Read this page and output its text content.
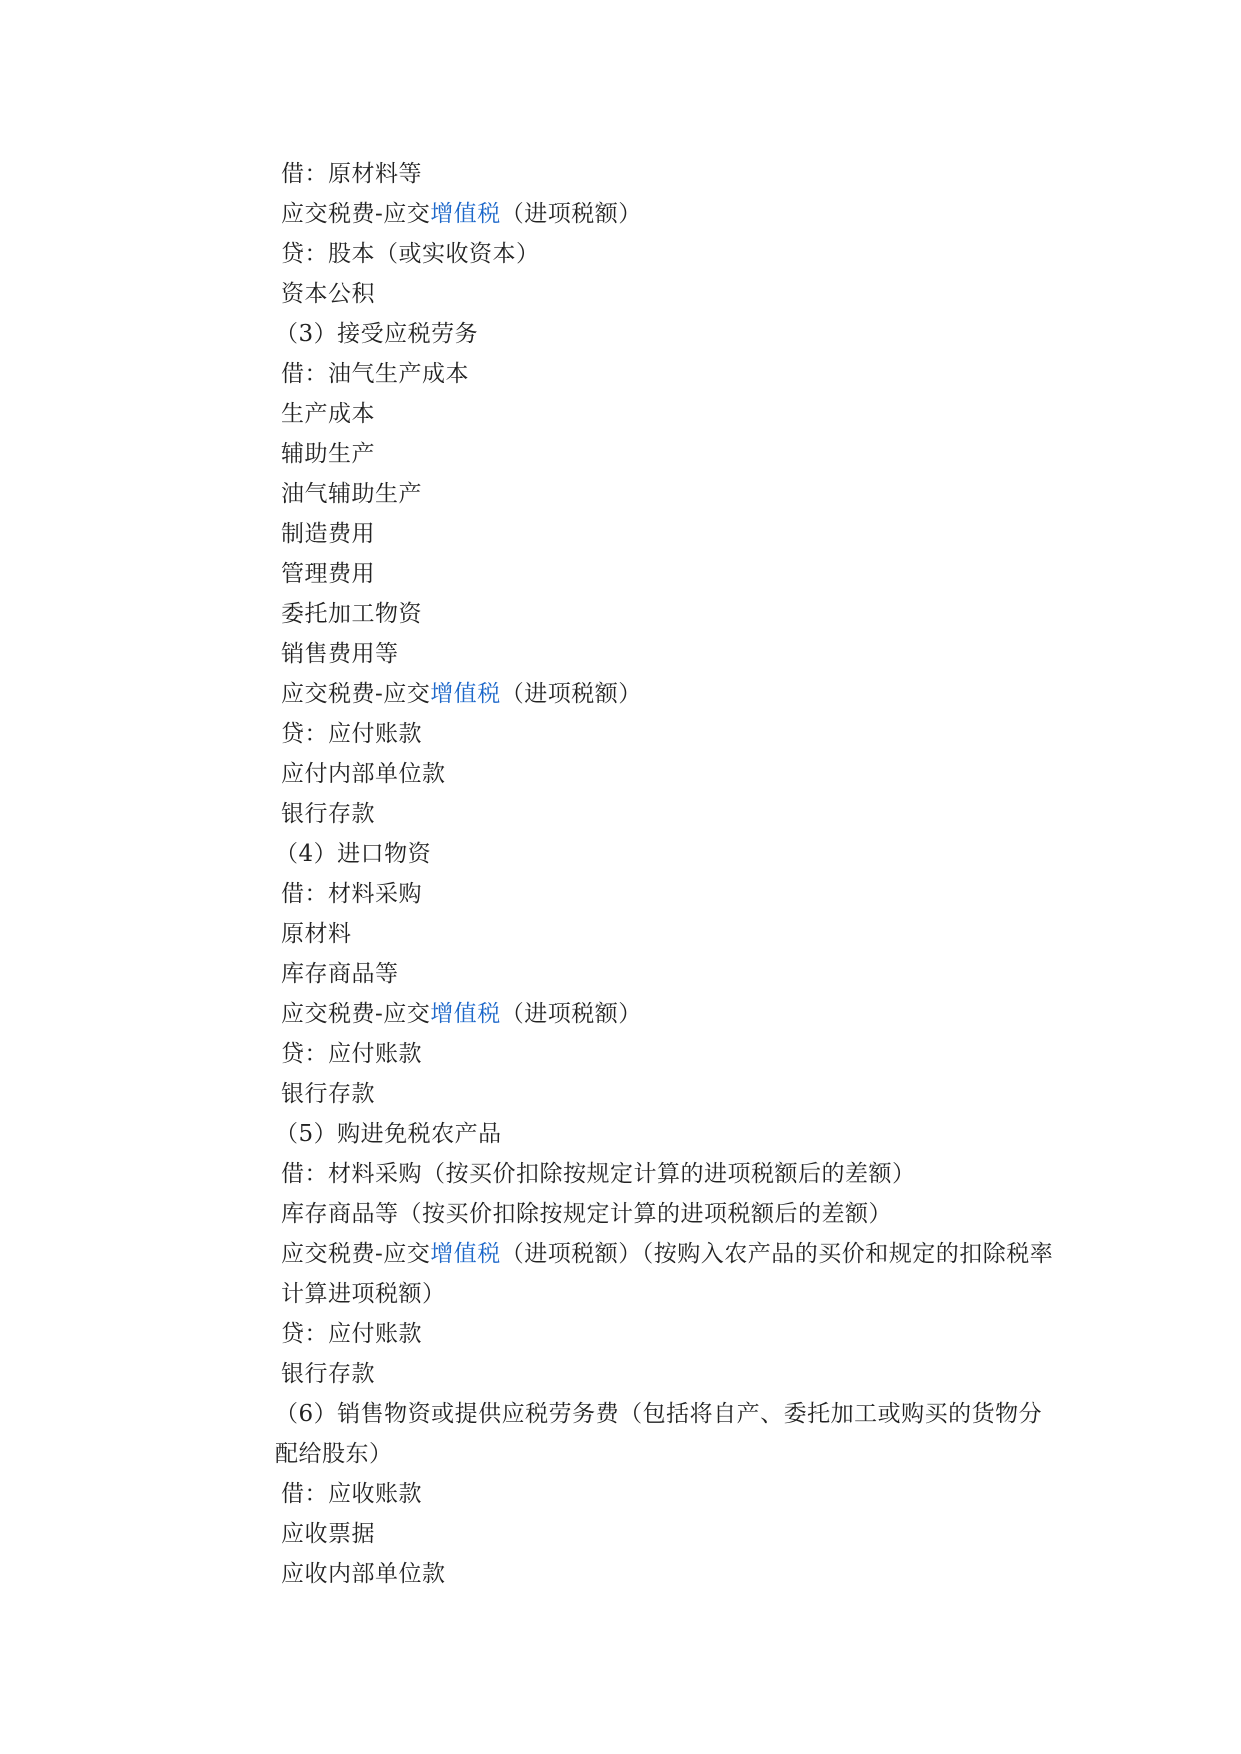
借：原材料等
应交税费-应交增值税（进项税额）
贷：股本（或实收资本）
资本公积
（3）接受应税劳务
借：油气生产成本
生产成本
辅助生产
油气辅助生产
制造费用
管理费用
委托加工物资
销售费用等
应交税费-应交增值税（进项税额）
贷：应付账款
应付内部单位款
银行存款
（4）进口物资
借：材料采购
原材料
库存商品等
应交税费-应交增值税（进项税额）
贷：应付账款
银行存款
（5）购进免税农产品
借：材料采购（按买价扣除按规定计算的进项税额后的差额）
库存商品等（按买价扣除按规定计算的进项税额后的差额）
应交税费-应交增值税（进项税额）（按购入农产品的买价和规定的扣除税率计算进项税额）
贷：应付账款
银行存款
（6）销售物资或提供应税劳务费（包括将自产、委托加工或购买的货物分配给股东）
借：应收账款
应收票据
应收内部单位款
